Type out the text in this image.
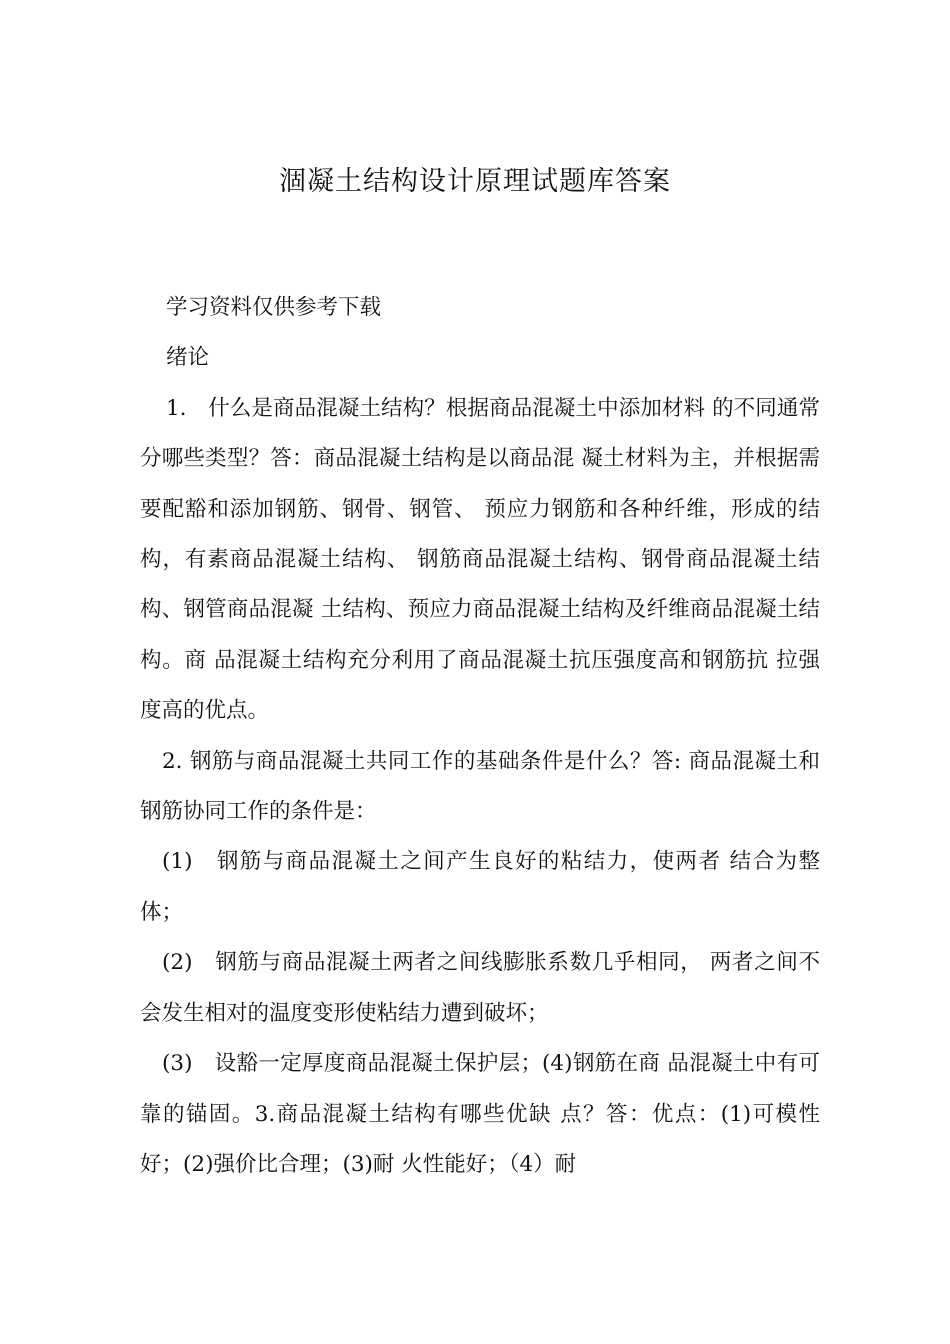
涸凝土结构设计原理试题库答案

学习资料仅供参考下载

绪论

1.　什么是商品混凝土结构？根据商品混凝土中添加材料 的不同通常分哪些类型？答：商品混凝土结构是以商品混 凝土材料为主，并根据需要配豁和添加钢筋、钢骨、钢管、 预应力钢筋和各种纤维，形成的结构，有素商品混凝土结构、 钢筋商品混凝土结构、钢骨商品混凝土结构、钢管商品混凝 土结构、预应力商品混凝土结构及纤维商品混凝土结构。商 品混凝土结构充分利用了商品混凝土抗压强度高和钢筋抗 拉强度高的优点。

2. 钢筋与商品混凝土共同工作的基础条件是什么？答: 商品混凝土和钢筋协同工作的条件是：

(1)　钢筋与商品混凝土之间产生良好的粘结力，使两者 结合为整体；

(2)　钢筋与商品混凝土两者之间线膨胀系数几乎相同， 两者之间不会发生相对的温度变形使粘结力遭到破坏；

(3)　设豁一定厚度商品混凝土保护层；(4)钢筋在商 品混凝土中有可靠的锚固。3.商品混凝土结构有哪些优缺 点？答：优点：(1)可模性好；(2)强价比合理；(3)耐 火性能好；（4）耐
